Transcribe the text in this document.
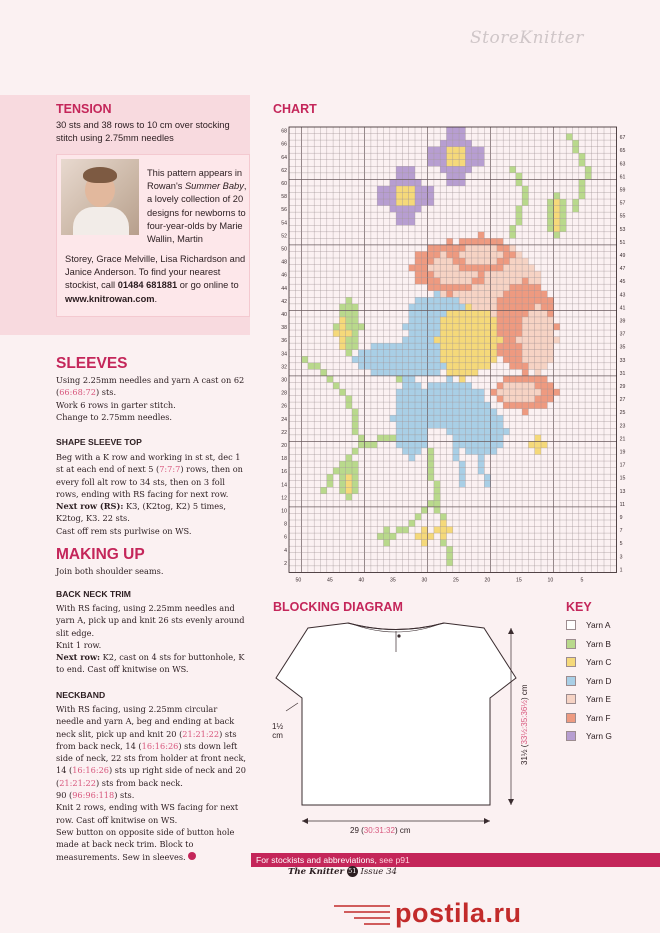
StoreKnitter
TENSION
30 sts and 38 rows to 10 cm over stocking stitch using 2.75mm needles
This pattern appears in Rowan's Summer Baby, a lovely collection of 20 designs for newborns to four-year-olds by Marie Wallin, Martin
Storey, Grace Melville, Lisa Richardson and Janice Anderson. To find your nearest stockist, call 01484 681881 or go online to www.knitrowan.com.
SLEEVES
Using 2.25mm needles and yarn A cast on 62 (66:68:72) sts.
Work 6 rows in garter stitch.
Change to 2.75mm needles.
SHAPE SLEEVE TOP
Beg with a K row and working in st st, dec 1 st at each end of next 5 (7:7:7) rows, then on every foll alt row to 34 sts, then on 3 foll rows, ending with RS facing for next row.
Next row (RS): K3, (K2tog, K2) 5 times, K2tog, K3. 22 sts.
Cast off rem sts purlwise on WS.
MAKING UP
Join both shoulder seams.
BACK NECK TRIM
With RS facing, using 2.25mm needles and yarn A, pick up and knit 26 sts evenly around slit edge.
Knit 1 row.
Next row: K2, cast on 4 sts for buttonhole, K to end. Cast off knitwise on WS.
NECKBAND
With RS facing, using 2.25mm circular needle and yarn A, beg and ending at back neck slit, pick up and knit 20 (21:21:22) sts from back neck, 14 (16:16:26) sts down left side of neck, 22 sts from holder at front neck, 14 (16:16:26) sts up right side of neck and 20 (21:21:22) sts from back neck.
90 (96:96:118) sts.
Knit 2 rows, ending with WS facing for next row. Cast off knitwise on WS.
Sew button on opposite side of button hole made at back neck trim. Block to measurements. Sew in sleeves.
CHART
68
66
64
62
60
58
56
54
52
50
48
46
44
42
40
38
36
34
32
30
28
26
24
22
20
18
16
14
12
10
8
6
4
2
67
65
63
61
59
57
55
53
51
49
47
45
43
41
39
37
35
33
31
29
27
25
23
21
19
17
15
13
11
9
7
5
3
1
50	45	40	35	30	25	20	15	10	5
BLOCKING DIAGRAM
1½
cm
31½ (33½:35:36½) cm
29 (30:31:32) cm
KEY
Yarn A
Yarn B
Yarn C
Yarn D
Yarn E
Yarn F
Yarn G
For stockists and abbreviations, see p91
The Knitter 51 Issue 34
postila.ru
